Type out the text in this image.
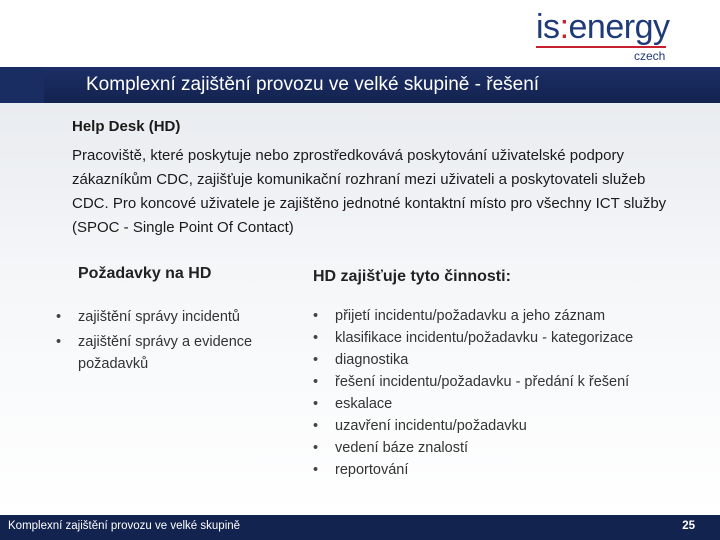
is:energy
czech
Komplexní zajištění provozu ve velké skupině - řešení
Help Desk (HD)
Pracoviště, které poskytuje nebo zprostředkovává poskytování uživatelské podpory zákazníkům CDC, zajišťuje komunikační rozhraní mezi uživateli a poskytovateli služeb CDC. Pro koncové uživatele je zajištěno jednotné kontaktní místo pro všechny ICT služby (SPOC - Single Point Of Contact)
Požadavky na HD
• zajištění správy incidentů
• zajištění správy a evidence požadavků
HD zajišťuje tyto činnosti:
• přijetí incidentu/požadavku a jeho záznam
• klasifikace incidentu/požadavku - kategorizace
• diagnostika
• řešení incidentu/požadavku - předání k řešení
• eskalace
• uzavření incidentu/požadavku
• vedení báze znalostí
• reportování
Komplexní zajištění provozu ve velké skupině	25
